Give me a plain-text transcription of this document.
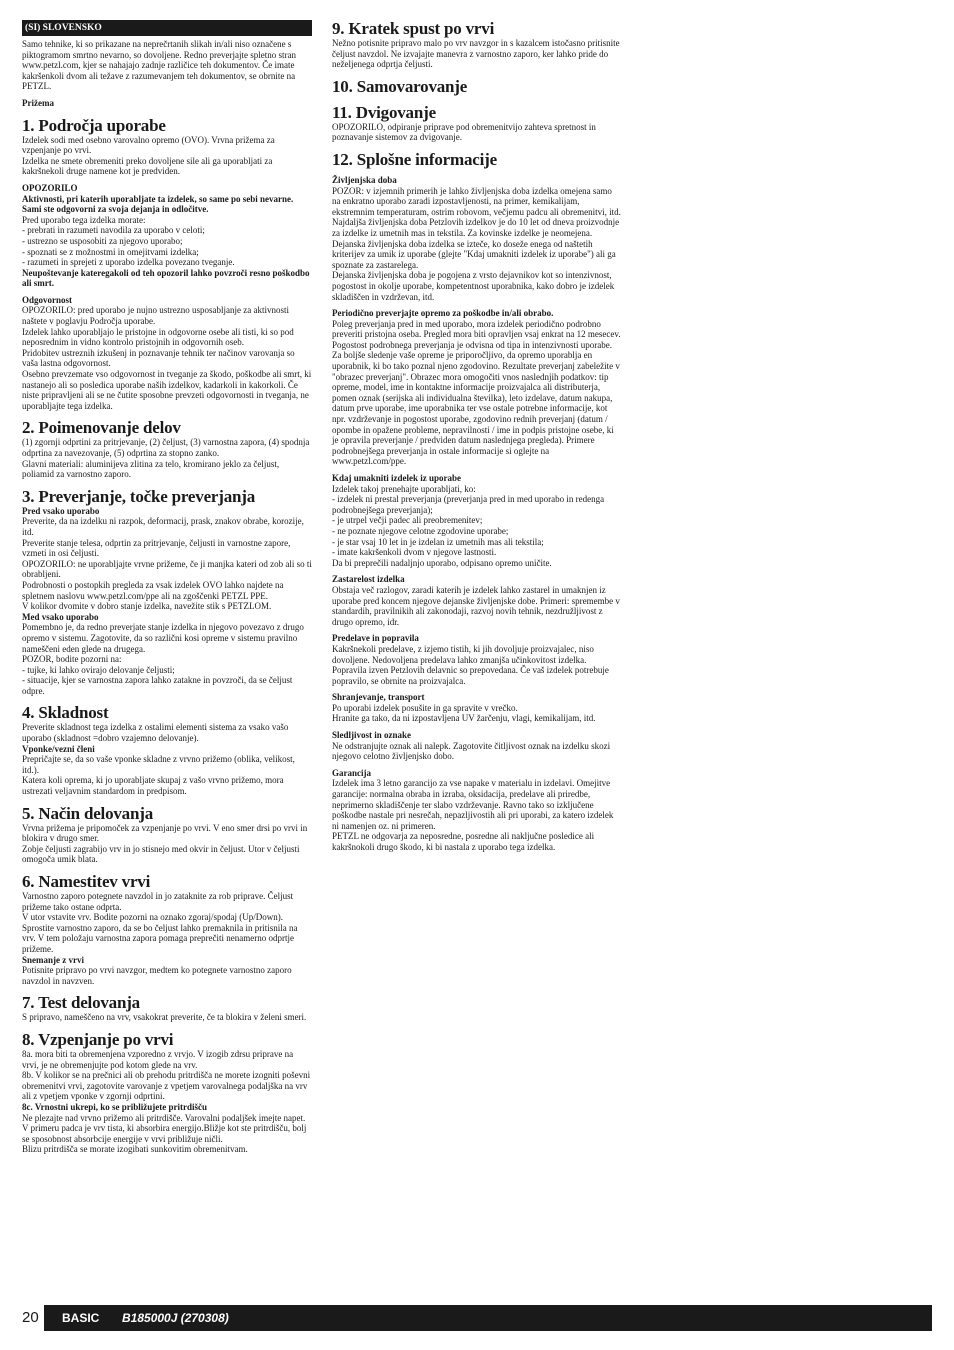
(SI) SLOVENSKO

Samo tehnike, ki so prikazane na neprečrtanih slikah in/ali niso označene s piktogramom smrtno nevarno, so dovoljene. Redno preverjajte spletno stran www.petzl.com, kjer se nahajajo zadnje različice teh dokumentov. Če imate kakršenkoli dvom ali težave z razumevanjem teh dokumentov, se obrnite na PETZL.

Prižema

1. Področja uporabe

Izdelek sodi med osebno varovalno opremo (OVO). Vrvna prižema za vzpenjanje po vrvi.

Izdelka ne smete obremeniti preko dovoljene sile ali ga uporabljati za kakršnekoli druge namene kot je predviden.

OPOZORILO

Aktivnosti, pri katerih uporabljate ta izdelek, so same po sebi nevarne. Sami ste odgovorni za svoja dejanja in odločitve.

Pred uporabo tega izdelka morate:

- prebrati in razumeti navodila za uporabo v celoti;

- ustrezno se usposobiti za njegovo uporabo;

- spoznati se z možnostmi in omejitvami izdelka;

- razumeti in sprejeti z uporabo izdelka povezano tveganje.

Neupoštevanje kateregakoli od teh opozoril lahko povzroči resno poškodbo ali smrt.

Odgovornost

OPOZORILO: pred uporabo je nujno ustrezno usposabljanje za aktivnosti naštete v poglavju Področja uporabe.

Izdelek lahko uporabljajo le pristojne in odgovorne osebe ali tisti, ki so pod neposrednim in vidno kontrolo pristojnih in odgovornih oseb.

Pridobitev ustreznih izkušenj in poznavanje tehnik ter načinov varovanja so vaša lastna odgovornost.

Osebno prevzemate vso odgovornost in tveganje za škodo, poškodbe ali smrt, ki nastanejo ali so posledica uporabe naših izdelkov, kadarkoli in kakorkoli. Če niste pripravljeni ali se ne čutite sposobne prevzeti odgovornosti in tveganja, ne uporabljajte tega izdelka.

2. Poimenovanje delov

(1) zgornji odprtini za pritrjevanje, (2) čeljust, (3) varnostna zapora, (4) spodnja odprtina za navezovanje, (5) odprtina za stopno zanko.

Glavni materiali: aluminijeva zlitina za telo, kromirano jeklo za čeljust, poliamid za varnostno zaporo.

3. Preverjanje, točke preverjanja

Pred vsako uporabo

Preverite, da na izdelku ni razpok, deformacij, prask, znakov obrabe, korozije, itd.

Preverite stanje telesa, odprtin za pritrjevanje, čeljusti in varnostne zapore, vzmeti in osi čeljusti.

OPOZORILO: ne uporabljajte vrvne prižeme, če ji manjka kateri od zob ali so ti obrabljeni.

Podrobnosti o postopkih pregleda za vsak izdelek OVO lahko najdete na spletnem naslovu www.petzl.com/ppe ali na zgoščenki PETZL PPE.

V kolikor dvomite v dobro stanje izdelka, navežite stik s PETZLOM.

Med vsako uporabo

Pomembno je, da redno preverjate stanje izdelka in njegovo povezavo z drugo opremo v sistemu. Zagotovite, da so različni kosi opreme v sistemu pravilno nameščeni eden glede na drugega.

POZOR, bodite pozorni na:

- tujke, ki lahko ovirajo delovanje čeljusti;

- situacije, kjer se varnostna zapora lahko zatakne in povzroči, da se čeljust odpre.

4. Skladnost

Preverite skladnost tega izdelka z ostalimi elementi sistema za vsako vašo uporabo (skladnost =dobro vzajemno delovanje).

Vponke/vezni členi

Prepričajte se, da so vaše vponke skladne z vrvno prižemo (oblika, velikost, itd.).

Katera koli oprema, ki jo uporabljate skupaj z vašo vrvno prižemo, mora ustrezati veljavnim standardom in predpisom.

5. Način delovanja

Vrvna prižema je pripomoček za vzpenjanje po vrvi. V eno smer drsi po vrvi in blokira v drugo smer.

Zobje čeljusti zagrabijo vrv in jo stisnejo med okvir in čeljust. Utor v čeljusti omogoča umik blata.

6. Namestitev vrvi

Varnostno zaporo potegnete navzdol in jo zataknite za rob pripravе. Čeljust prižeme tako ostane odprta.

V utor vstavite vrv. Bodite pozorni na oznako zgoraj/spodaj (Up/Down). Sprostite varnostno zaporo, da se bo čeljust lahko premaknila in pritisnila na vrv. V tem položaju varnostna zapora pomaga preprečiti nenamerno odprtje prižeme.

Snemanje z vrvi

Potisnite pripravo po vrvi navzgor, medtem ko potegnete varnostno zaporo navzdol in navzven.

7. Test delovanja

S pripravo, nameščeno na vrv, vsakokrat preverite, če ta blokira v želeni smeri.

8. Vzpenjanje po vrvi

8a. mora biti ta obremenjena vzporedno z vrvjo. V izogib zdrsu pripravе na vrvi, je ne obremenjujte pod kotom glede na vrv.

8b. V kolikor se na prečnici ali ob prehodu pritrdišča ne morete izogniti poševni obremenitvi vrvi, zagotovite varovanje z vpetjem varovalnega podaljška na vrv ali z vpetjem vponke v zgornji odprtini.

8c. Vrnostni ukrepi, ko se približujete pritrdišču

Ne plezajte nad vrvno prižemo ali pritrdišče. Varovalni podaljšek imejte napet.

V primeru padca je vrv tista, ki absorbira energijo.Bližje kot ste pritrdišču, bolj se sposobnost absorbcije energije v vrvi približuje ničli.

Blizu pritrdišča se morate izogibati sunkovitim obremenitvam.

9. Kratek spust po vrvi

Nežno potisnite pripravo malo po vrv navzgor in s kazalcem istočasno pritisnite čeljust navzdol. Ne izvajajte manevra z varnostno zaporo, ker lahko pride do neželjenega odprtja čeljusti.

10. Samovarovanje
11. Dvigovanje

OPOZORILO, odpiranje pripravе pod obremenitvijo zahteva spretnost in poznavanje sistemov za dvigovanje.

12. Splošne informacije

Življenjska doba

POZOR: v izjemnih primerih je lahko življenjska doba izdelka omejena samo na enkratno uporabo zaradi izpostavljenosti, na primer, kemikalijam, ekstremnim temperaturam, ostrim robovom, večjemu padcu ali obremenitvi, itd. Najdaljša življenjska doba Petzlovih izdelkov je do 10 let od dneva proizvodnje za izdelke iz umetnih mas in tekstila. Za kovinske izdelke je neomejena.

Dejanska življenjska doba izdelka se izteče, ko doseže enega od naštetih kriterijev za umik iz uporabe (glejte "Kdaj umakniti izdelek iz uporabe") ali ga spoznate za zastarelega.

Dejanska življenjska doba je pogojena z vrsto dejavnikov kot so intenzivnost, pogostost in okolje uporabe, kompetentnost uporabnika, kako dobro je izdelek skladiščen in vzdrževan, itd.

Periodično preverjajte opremo za poškodbe in/ali obrabo.

Poleg preverjanja pred in med uporabo, mora izdelek periodično podrobno preveriti pristojna oseba. Pregled mora biti opravljen vsaj enkrat na 12 mesecev. Pogostost podrobnega preverjanja je odvisna od tipa in intenzivnosti uporabe. Za boljše sledenje vaše opreme je priporočljivo, da opremo uporablja en uporabnik, ki bo tako poznal njeno zgodovino. Rezultate preverjanj zabeležite v "obrazec preverjanj". Obrazec mora omogočiti vnos naslednjih podatkov: tip opreme, model, ime in kontaktne informacije proizvajalca ali distributerja, pomen oznak (serijska ali individualna številka), leto izdelave, datum nakupa, datum prve uporabe, ime uporabnika ter vse ostale potrebne informacije, kot npr. vzdrževanje in pogostost uporabe, zgodovino rednih preverjanj (datum / opombe in opažene probleme, nepravilnosti / ime in podpis pristojne osebe, ki je opravila preverjanje / predviden datum naslednjega pregleda). Primere podrobnejšega preverjanja in ostale informacije si oglejte na www.petzl.com/ppe.

Kdaj umakniti izdelek iz uporabe

Izdelek takoj prenehajte uporabljati, ko:

- izdelek ni prestal preverjanja (preverjanja pred in med uporabo in redenga podrobnejšega preverjanja);

- je utrpel večji padec ali preobremenitev;

- ne poznate njegove celotne zgodovine uporabe;

- je star vsaj 10 let in je izdelan iz umetnih mas ali tekstila;

- imate kakršenkoli dvom v njegove lastnosti.

Da bi preprečili nadaljnjo uporabo, odpisano opremo uničite.

Zastarelost izdelka

Obstaja več razlogov, zaradi katerih je izdelek lahko zastarel in umaknjen iz uporabe pred koncem njegove dejanske življenjske dobe. Primeri: spremembe v standardih, pravilnikih ali zakonodaji, razvoj novih tehnik, nezdružljivost z drugo opremo, idr.

Predelave in popravila

Kakršnekoli predelave, z izjemo tistih, ki jih dovoljuje proizvajalec, niso dovoljene. Nedovoljena predelava lahko zmanjša učinkovitost izdelka. Popravila izven Petzlovih delavnic so prepovedana. Če vaš izdelek potrebuje popravilo, se obrnite na proizvajalca.

Shranjevanje, transport

Po uporabi izdelek posušite in ga spravite v vrečko.

Hranite ga tako, da ni izpostavljena UV žarčenju, vlagi, kemikalijam, itd.

Sledljivost in oznake

Ne odstranjujte oznak ali nalepk. Zagotovite čitljivost oznak na izdelku skozi njegovo celotno življenjsko dobo.

Garancija

Izdelek ima 3 letno garancijo za vse napake v materialu in izdelavi. Omejitve garancije: normalna obraba in izraba, oksidacija, predelave ali priredbe, neprimerno skladiščenje ter slabo vzdrževanje. Ravno tako so izključene poškodbe nastale pri nesrečah, nepazljivostih ali pri uporabi, za katero izdelek ni namenjen oz. ni primeren.

PETZL ne odgovarja za neposredne, posredne ali naključne posledice ali kakršnokoli drugo škodo, ki bi nastala z uporabo tega izdelka.

20	BASIC B185000J (270308)
